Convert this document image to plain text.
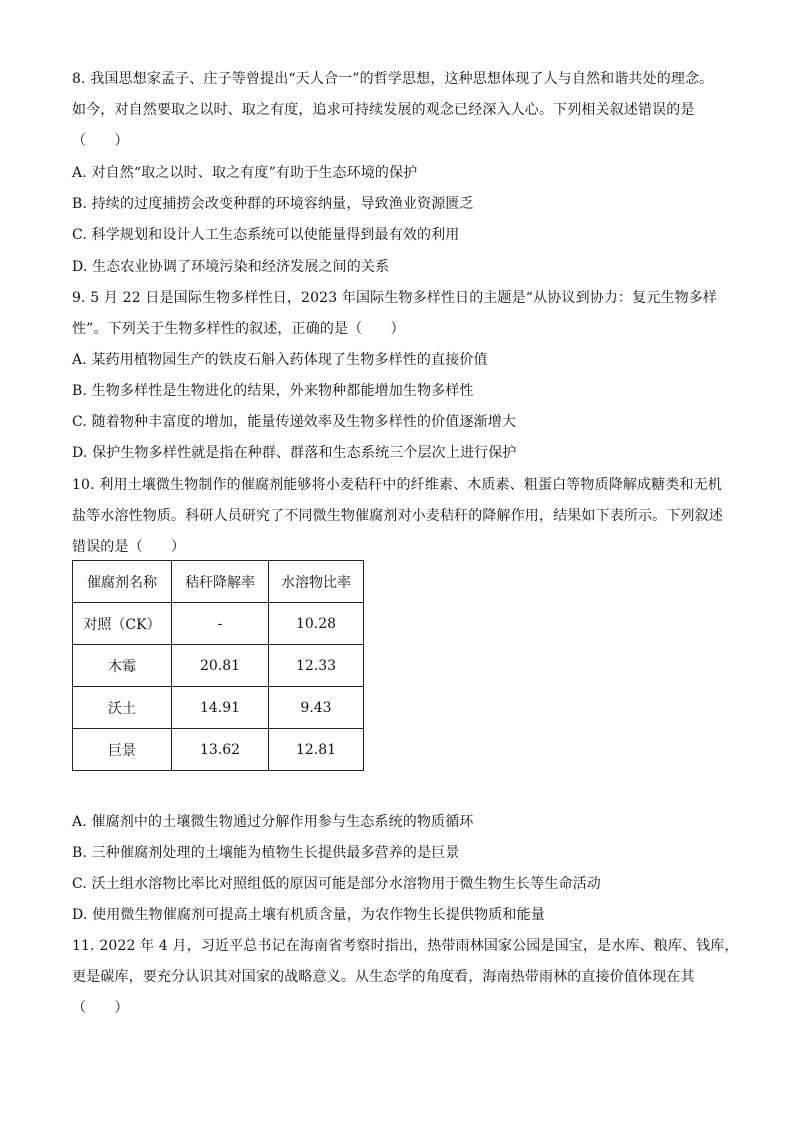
8. 我国思想家孟子、庄子等曾提出“天人合一”的哲学思想，这种思想体现了人与自然和谐共处的理念。
如今，对自然要取之以时、取之有度，追求可持续发展的观念已经深入人心。下列相关叙述错误的是
（　　）
A. 对自然“取之以时、取之有度”有助于生态环境的保护
B. 持续的过度捕捞会改变种群的环境容纳量，导致渔业资源匮乏
C. 科学规划和设计人工生态系统可以使能量得到最有效的利用
D. 生态农业协调了环境污染和经济发展之间的关系
9. 5 月 22 日是国际生物多样性日，2023 年国际生物多样性日的主题是“从协议到协力：复元生物多样
性”。下列关于生物多样性的叙述，正确的是（　　）
A. 某药用植物园生产的铁皮石斛入药体现了生物多样性的直接价值
B. 生物多样性是生物进化的结果，外来物种都能增加生物多样性
C. 随着物种丰富度的增加，能量传递效率及生物多样性的价值逐渐增大
D. 保护生物多样性就是指在种群、群落和生态系统三个层次上进行保护
10. 利用土壤微生物制作的催腐剂能够将小麦秸秆中的纤维素、木质素、粗蛋白等物质降解成糖类和无机
盐等水溶性物质。科研人员研究了不同微生物催腐剂对小麦秸秆的降解作用，结果如下表所示。下列叙述
错误的是（　　）
催腐剂名称	秸秆降解率	水溶物比率
对照（CK）	-	10.28
木霉	20.81	12.33
沃土	14.91	9.43
巨景	13.62	12.81
A. 催腐剂中的土壤微生物通过分解作用参与生态系统的物质循环
B. 三种催腐剂处理的土壤能为植物生长提供最多营养的是巨景
C. 沃土组水溶物比率比对照组低的原因可能是部分水溶物用于微生物生长等生命活动
D. 使用微生物催腐剂可提高土壤有机质含量，为农作物生长提供物质和能量
11. 2022 年 4 月，习近平总书记在海南省考察时指出，热带雨林国家公园是国宝，是水库、粮库、钱库，
更是碳库，要充分认识其对国家的战略意义。从生态学的角度看，海南热带雨林的直接价值体现在其
（　　）
